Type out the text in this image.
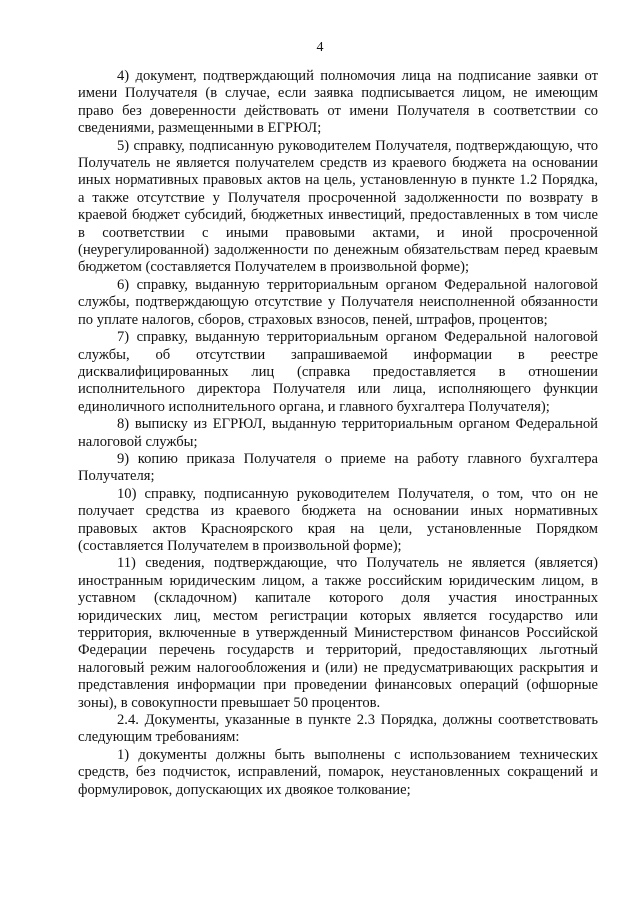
4

4) документ, подтверждающий полномочия лица на подписание заявки от имени Получателя (в случае, если заявка подписывается лицом, не имеющим право без доверенности действовать от имени Получателя в соответствии со сведениями, размещенными в ЕГРЮЛ;

5) справку, подписанную руководителем Получателя, подтверждающую, что Получатель не является получателем средств из краевого бюджета на основании иных нормативных правовых актов на цель, установленную в пункте 1.2 Порядка, а также отсутствие у Получателя просроченной задолженности по возврату в краевой бюджет субсидий, бюджетных инвестиций, предоставленных в том числе в соответствии с иными правовыми актами, и иной просроченной (неурегулированной) задолженности по денежным обязательствам перед краевым бюджетом (составляется Получателем в произвольной форме);

6) справку, выданную территориальным органом Федеральной налоговой службы, подтверждающую отсутствие у Получателя неисполненной обязанности по уплате налогов, сборов, страховых взносов, пеней, штрафов, процентов;

7) справку, выданную территориальным органом Федеральной налоговой службы, об отсутствии запрашиваемой информации в реестре дисквалифицированных лиц (справка предоставляется в отношении исполнительного директора Получателя или лица, исполняющего функции единоличного исполнительного органа, и главного бухгалтера Получателя);

8) выписку из ЕГРЮЛ, выданную территориальным органом Федеральной налоговой службы;

9) копию приказа Получателя о приеме на работу главного бухгалтера Получателя;

10) справку, подписанную руководителем Получателя, о том, что он не получает средства из краевого бюджета на основании иных нормативных правовых актов Красноярского края на цели, установленные Порядком (составляется Получателем в произвольной форме);

11) сведения, подтверждающие, что Получатель не является (является) иностранным юридическим лицом, а также российским юридическим лицом, в уставном (складочном) капитале которого доля участия иностранных юридических лиц, местом регистрации которых является государство или территория, включенные в утвержденный Министерством финансов Российской Федерации перечень государств и территорий, предоставляющих льготный налоговый режим налогообложения и (или) не предусматривающих раскрытия и представления информации при проведении финансовых операций (офшорные зоны), в совокупности превышает 50 процентов.

2.4. Документы, указанные в пункте 2.3 Порядка, должны соответствовать следующим требованиям:

1) документы должны быть выполнены с использованием технических средств, без подчисток, исправлений, помарок, неустановленных сокращений и формулировок, допускающих их двоякое толкование;
